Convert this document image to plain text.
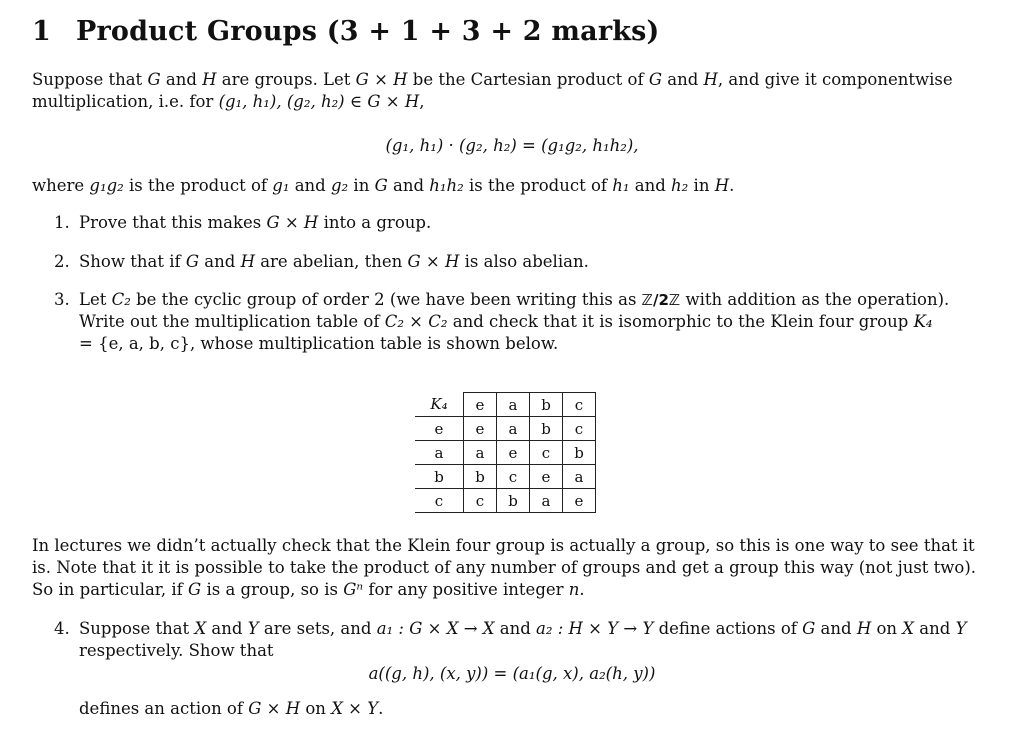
1 Product Groups (3 + 1 + 3 + 2 marks)
Suppose that G and H are groups. Let G × H be the Cartesian product of G and H, and give it componentwise multiplication, i.e. for (g₁, h₁), (g₂, h₂) ∈ G × H,
(g₁, h₁) · (g₂, h₂) = (g₁g₂, h₁h₂),
where g₁g₂ is the product of g₁ and g₂ in G and h₁h₂ is the product of h₁ and h₂ in H.
1. Prove that this makes G × H into a group.
2. Show that if G and H are abelian, then G × H is also abelian.
3. Let C₂ be the cyclic group of order 2 (we have been writing this as ℤ/2ℤ with addition as the operation). Write out the multiplication table of C₂ × C₂ and check that it is isomorphic to the Klein four group K₄ = {e, a, b, c}, whose multiplication table is shown below.
K₄	e	a	b	c
e	e	a	b	c
a	a	e	c	b
b	b	c	e	a
c	c	b	a	e
In lectures we didn’t actually check that the Klein four group is actually a group, so this is one way to see that it is. Note that it it is possible to take the product of any number of groups and get a group this way (not just two). So in particular, if G is a group, so is Gⁿ for any positive integer n.
4. Suppose that X and Y are sets, and a₁ : G × X → X and a₂ : H × Y → Y define actions of G and H on X and Y respectively. Show that
a((g, h), (x, y)) = (a₁(g, x), a₂(h, y))
defines an action of G × H on X × Y.
